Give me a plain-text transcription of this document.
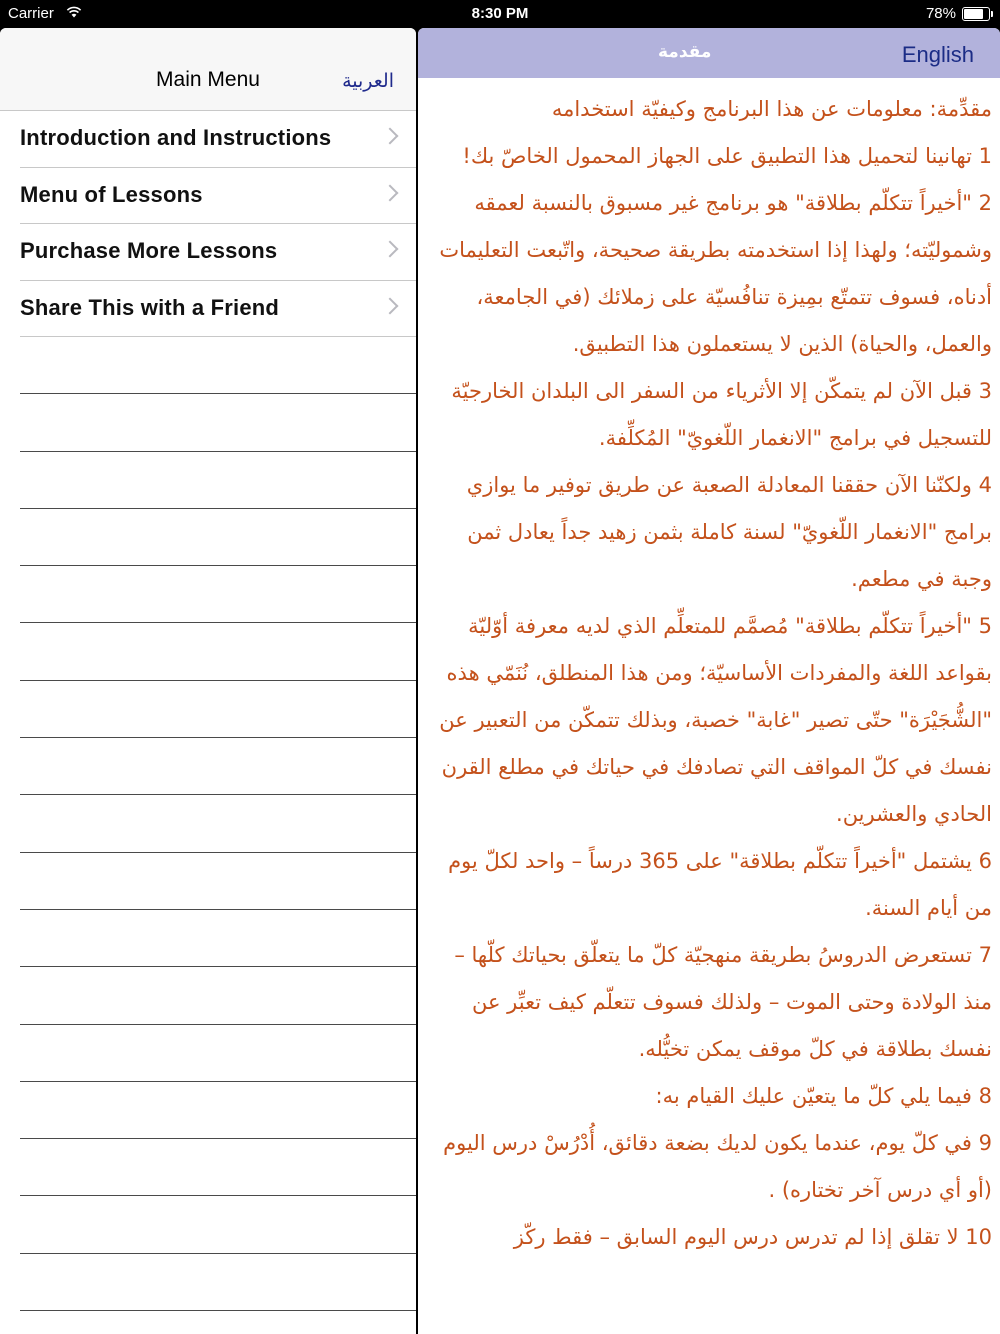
Carrier	8:30 PM	78%
Main Menu	العربية
Introduction and Instructions
Menu of Lessons
Purchase More Lessons
Share This with a Friend
مقدمة	English

مقدِّمة: معلومات عن هذا البرنامج وكيفيّة استخدامه

1 تهانينا لتحميل هذا التطبيق على الجهاز المحمول الخاصّ بك!

2 "أخيراً تتكلّم بطلاقة" هو برنامج غير مسبوق بالنسبة لعمقه وشموليّته؛ ولهذا إذا استخدمته بطريقة صحيحة، واتّبعت التعليمات أدناه، فسوف تتمتّع بمِيزة تنافُسيّة على زملائك (في الجامعة، والعمل، والحياة) الذين لا يستعملون هذا التطبيق.

3 قبل الآن لم يتمكّن إلا الأثرياء من السفر الى البلدان الخارجيّة للتسجيل في برامج "الانغمار اللّغويّ" المُكلِّفة.

4 ولكنّنا الآن حققنا المعادلة الصعبة عن طريق توفير ما يوازي برامج "الانغمار اللّغويّ" لسنة كاملة بثمن زهيد جداً يعادل ثمن وجبة في مطعم.

5 "أخيراً تتكلّم بطلاقة" مُصمَّم للمتعلِّم الذي لديه معرفة أوّليّة بقواعد اللغة والمفردات الأساسيّة؛ ومن هذا المنطلق، نُنَمّي هذه "الشُّجَيْرَة" حتّى تصير "غابة" خصبة، وبذلك تتمكّن من التعبير عن نفسك في كلّ المواقف التي تصادفك في حياتك في مطلع القرن الحادي والعشرين.

6 يشتمل "أخيراً تتكلّم بطلاقة" على 365 درساً – واحد لكلّ يوم من أيام السنة.

7 تستعرض الدروسُ بطريقة منهجيّة كلّ ما يتعلّق بحياتك كلّها – منذ الولادة وحتى الموت – ولذلك فسوف تتعلّم كيف تعبِّر عن نفسك بطلاقة في كلّ موقف يمكن تخيُّله.

8 فيما يلي كلّ ما يتعيّن عليك القيام به:

9 في كلّ يوم، عندما يكون لديك بضعة دقائق، أُدْرُسْ درس اليوم (أو أي درس آخر تختاره) .

10 لا تقلق إذا لم تدرس درس اليوم السابق – فقط ركّز
